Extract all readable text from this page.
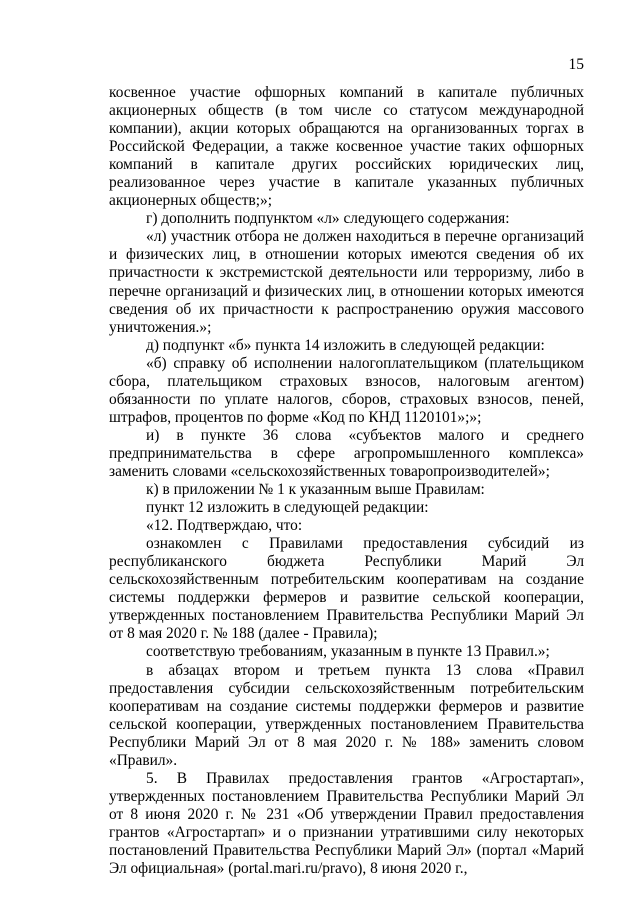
15

косвенное участие офшорных компаний в капитале публичных акционерных обществ (в том числе со статусом международной компании), акции которых обращаются на организованных торгах в Российской Федерации, а также косвенное участие таких офшорных компаний в капитале других российских юридических лиц, реализованное через участие в капитале указанных публичных акционерных обществ;»;

г) дополнить подпунктом «л» следующего содержания:

«л) участник отбора не должен находиться в перечне организаций и физических лиц, в отношении которых имеются сведения об их причастности к экстремистской деятельности или терроризму, либо в перечне организаций и физических лиц, в отношении которых имеются сведения об их причастности к распространению оружия массового уничтожения.»;

д) подпункт «б» пункта 14 изложить в следующей редакции:

«б) справку об исполнении налогоплательщиком (плательщиком сбора, плательщиком страховых взносов, налоговым агентом) обязанности по уплате налогов, сборов, страховых взносов, пеней, штрафов, процентов по форме «Код по КНД 1120101»;»;

и) в пункте 36 слова «субъектов малого и среднего предпринимательства в сфере агропромышленного комплекса» заменить словами «сельскохозяйственных товаропроизводителей»;

к) в приложении № 1 к указанным выше Правилам:

пункт 12 изложить в следующей редакции:

«12. Подтверждаю, что:

ознакомлен с Правилами предоставления субсидий из республиканского бюджета Республики Марий Эл сельскохозяйственным потребительским кооперативам на создание системы поддержки фермеров и развитие сельской кооперации, утвержденных постановлением Правительства Республики Марий Эл от 8 мая 2020 г. № 188 (далее - Правила);

соответствую требованиям, указанным в пункте 13 Правил.»;

в абзацах втором и третьем пункта 13 слова «Правил предоставления субсидии сельскохозяйственным потребительским кооперативам на создание системы поддержки фермеров и развитие сельской кооперации, утвержденных постановлением Правительства Республики Марий Эл от 8 мая 2020 г. № 188» заменить словом «Правил».

5. В Правилах предоставления грантов «Агростартап», утвержденных постановлением Правительства Республики Марий Эл от 8 июня 2020 г. № 231 «Об утверждении Правил предоставления грантов «Агростартап» и о признании утратившими силу некоторых постановлений Правительства Республики Марий Эл» (портал «Марий Эл официальная» (portal.mari.ru/pravo), 8 июня 2020 г.,
